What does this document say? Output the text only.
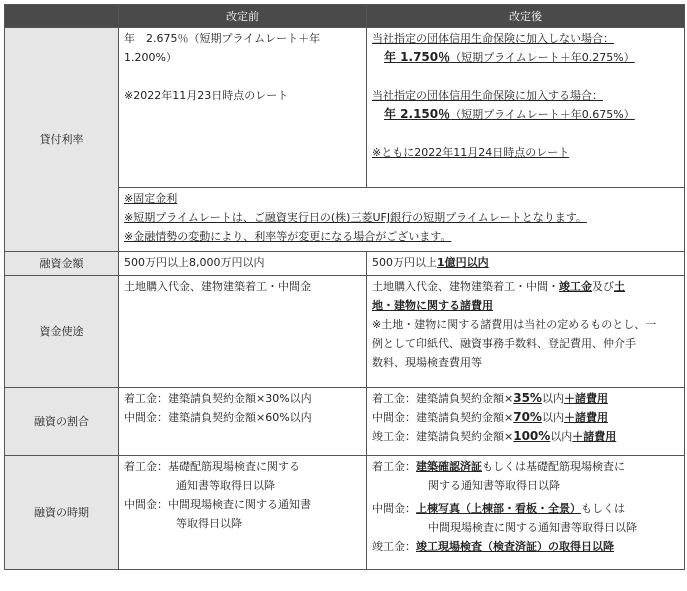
	改定前	改定後
貸付利率	年　2.675％（短期プライムレート＋年
1.200%）
※2022年11月23日時点のレート	当社指定の団体信用生命保険に加入しない場合：
年 1.750％（短期プライムレート＋年0.275%）
当社指定の団体信用生命保険に加入する場合：
年 2.150％（短期プライムレート＋年0.675%）
※ともに2022年11月24日時点のレート

	※固定金利
※短期プライムレートは、ご融資実行日の(株)三菱UFJ銀行の短期プライムレートとなります。
※金融情勢の変動により、利率等が変更になる場合がございます。	

融資金額	500万円以上8,000万円以内	500万円以上1億円以内
資金使途	土地購入代金、建物建築着工・中間金	土地購入代金、建物建築着工・中間・竣工金及び土
地・建物に関する諸費用
※土地・建物に関する諸費用は当社の定めるものとし、一
例として印紙代、融資事務手数料、登記費用、仲介手
数料、現場検査費用等

融資の割合	着工金：建築請負契約金額×30%以内
中間金：建築請負契約金額×60%以内	着工金：建築請負契約金額×35%以内＋諸費用
中間金：建築請負契約金額×70%以内＋諸費用
竣工金：建築請負契約金額×100%以内＋諸費用

融資の時期	着工金：基礎配筋現場検査に関する
通知書等取得日以降
中間金：中間現場検査に関する通知書
等取得日以降	着工金：建築確認済証もしくは基礎配筋現場検査に
関する通知書等取得日以降
中間金：上棟写真（上棟部・看板・全景）もしくは
中間現場検査に関する通知書等取得日以降
竣工金：竣工現場検査（検査済証）の取得日以降
